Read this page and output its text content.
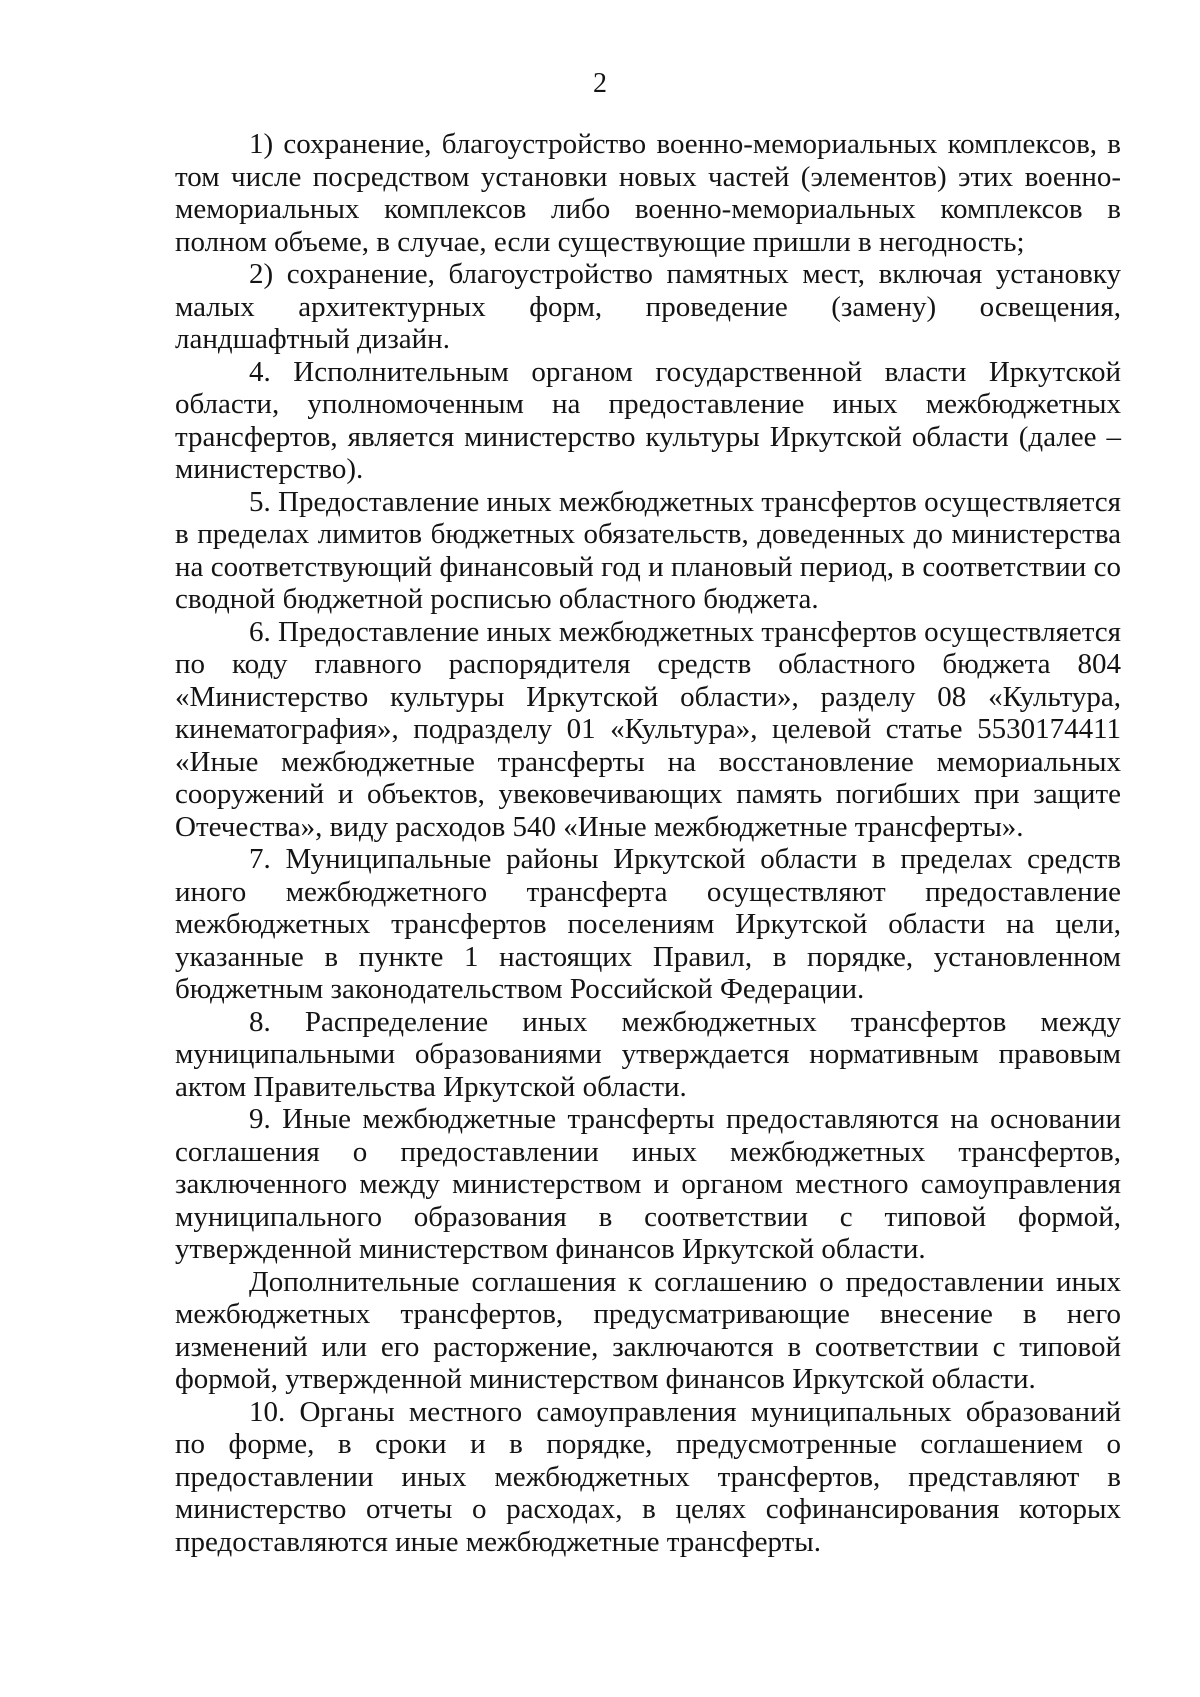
2

1) сохранение, благоустройство военно-мемориальных комплексов, в том числе посредством установки новых частей (элементов) этих военно-мемориальных комплексов либо военно-мемориальных комплексов в полном объеме, в случае, если существующие пришли в негодность;

2) сохранение, благоустройство памятных мест, включая установку малых архитектурных форм, проведение (замену) освещения, ландшафтный дизайн.

4. Исполнительным органом государственной власти Иркутской области, уполномоченным на предоставление иных межбюджетных трансфертов, является министерство культуры Иркутской области (далее – министерство).

5. Предоставление иных межбюджетных трансфертов осуществляется в пределах лимитов бюджетных обязательств, доведенных до министерства на соответствующий финансовый год и плановый период, в соответствии со сводной бюджетной росписью областного бюджета.

6. Предоставление иных межбюджетных трансфертов осуществляется по коду главного распорядителя средств областного бюджета 804 «Министерство культуры Иркутской области», разделу 08 «Культура, кинематография», подразделу 01 «Культура», целевой статье 5530174411 «Иные межбюджетные трансферты на восстановление мемориальных сооружений и объектов, увековечивающих память погибших при защите Отечества», виду расходов 540 «Иные межбюджетные трансферты».

7. Муниципальные районы Иркутской области в пределах средств иного межбюджетного трансферта осуществляют предоставление межбюджетных трансфертов поселениям Иркутской области на цели, указанные в пункте 1 настоящих Правил, в порядке, установленном бюджетным законодательством Российской Федерации.

8. Распределение иных межбюджетных трансфертов между муниципальными образованиями утверждается нормативным правовым актом Правительства Иркутской области.

9. Иные межбюджетные трансферты предоставляются на основании соглашения о предоставлении иных межбюджетных трансфертов, заключенного между министерством и органом местного самоуправления муниципального образования в соответствии с типовой формой, утвержденной министерством финансов Иркутской области.

Дополнительные соглашения к соглашению о предоставлении иных межбюджетных трансфертов, предусматривающие внесение в него изменений или его расторжение, заключаются в соответствии с типовой формой, утвержденной министерством финансов Иркутской области.

10. Органы местного самоуправления муниципальных образований по форме, в сроки и в порядке, предусмотренные соглашением о предоставлении иных межбюджетных трансфертов, представляют в министерство отчеты о расходах, в целях софинансирования которых предоставляются иные межбюджетные трансферты.
